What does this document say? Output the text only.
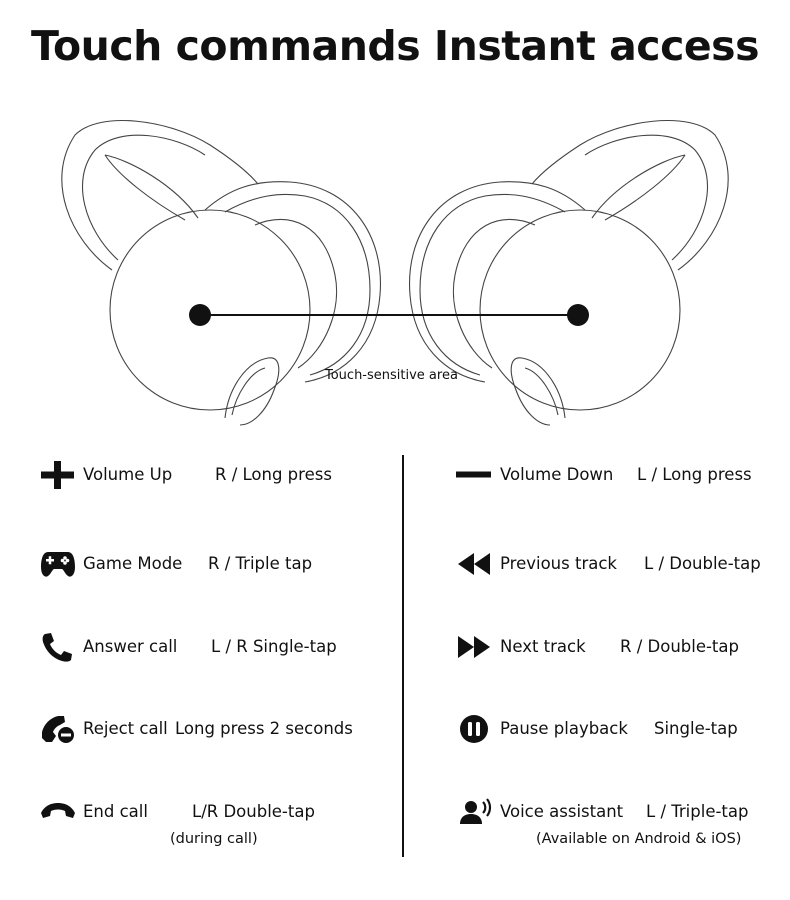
Touch commands Instant access
Touch-sensitive area
Volume Up	R / Long press
Game Mode R / Triple tap
Answer call L / R Single-tap
Reject call Long press 2 seconds
End call	L/R Double-tap
(during call)
Volume Down L / Long press
Previous track L / Double-tap
Next track R / Double-tap
Pause playback Single-tap
Voice assistant L / Triple-tap
(Available on Android & iOS)
